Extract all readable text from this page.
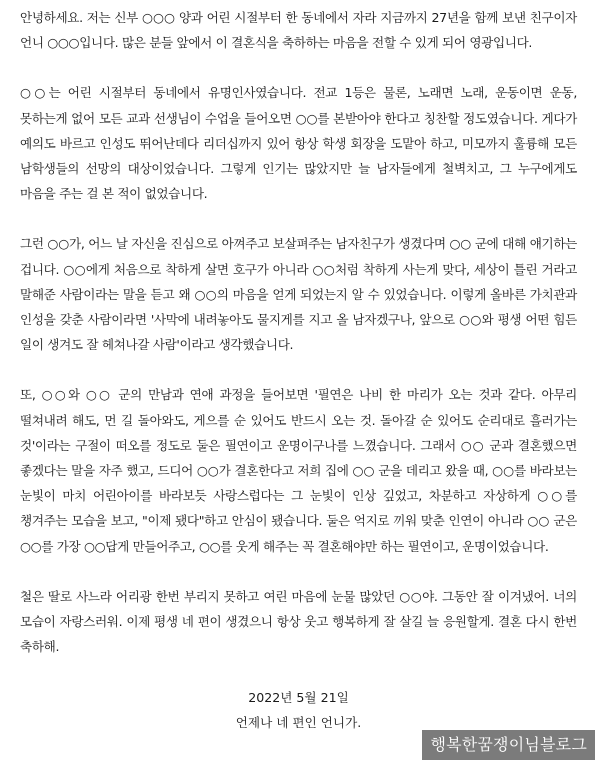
안녕하세요. 저는 신부 ○○○ 양과 어린 시절부터 한 동네에서 자라 지금까지 27년을 함께 보낸 친구이자 언니 ○○○입니다. 많은 분들 앞에서 이 결혼식을 축하하는 마음을 전할 수 있게 되어 영광입니다.

○○는 어린 시절부터 동네에서 유명인사였습니다. 전교 1등은 물론, 노래면 노래, 운동이면 운동, 못하는게 없어 모든 교과 선생님이 수업을 들어오면 ○○를 본받아야 한다고 칭찬할 정도였습니다. 게다가 예의도 바르고 인성도 뛰어난데다 리더십까지 있어 항상 학생 회장을 도맡아 하고, 미모까지 훌륭해 모든 남학생들의 선망의 대상이었습니다. 그렇게 인기는 많았지만 늘 남자들에게 철벽치고, 그 누구에게도 마음을 주는 걸 본 적이 없었습니다.

그런 ○○가, 어느 날 자신을 진심으로 아껴주고 보살펴주는 남자친구가 생겼다며 ○○ 군에 대해 얘기하는 겁니다. ○○에게 처음으로 착하게 살면 호구가 아니라 ○○처럼 착하게 사는게 맞다, 세상이 틀린 거라고 말해준 사람이라는 말을 듣고 왜 ○○의 마음을 얻게 되었는지 알 수 있었습니다. 이렇게 올바른 가치관과 인성을 갖춘 사람이라면 '사막에 내려놓아도 물지게를 지고 올 남자겠구나, 앞으로 ○○와 평생 어떤 힘든 일이 생겨도 잘 헤쳐나갈 사람'이라고 생각했습니다.

또, ○○와 ○○ 군의 만남과 연애 과정을 들어보면 '필연은 나비 한 마리가 오는 것과 같다. 아무리 떨쳐내려 해도, 먼 길 돌아와도, 게으를 순 있어도 반드시 오는 것. 돌아갈 순 있어도 순리대로 흘러가는 것'이라는 구절이 떠오를 정도로 둘은 필연이고 운명이구나를 느꼈습니다. 그래서 ○○ 군과 결혼했으면 좋겠다는 말을 자주 했고, 드디어 ○○가 결혼한다고 저희 집에 ○○ 군을 데리고 왔을 때, ○○를 바라보는 눈빛이 마치 어린아이를 바라보듯 사랑스럽다는 그 눈빛이 인상 깊었고, 차분하고 자상하게 ○○를 챙겨주는 모습을 보고, "이제 됐다"하고 안심이 됐습니다. 둘은 억지로 끼워 맞춘 인연이 아니라 ○○ 군은 ○○를 가장 ○○답게 만들어주고, ○○를 웃게 해주는 꼭 결혼해야만 하는 필연이고, 운명이었습니다.

철은 딸로 사느라 어리광 한번 부리지 못하고 여린 마음에 눈물 많았던 ○○야. 그동안 잘 이겨냈어. 너의 모습이 자랑스러워. 이제 평생 네 편이 생겼으니 항상 웃고 행복하게 잘 살길 늘 응원할게. 결혼 다시 한번 축하해.

2022년 5월 21일

언제나 네 편인 언니가.

행복한꿈쟁이님블로그
